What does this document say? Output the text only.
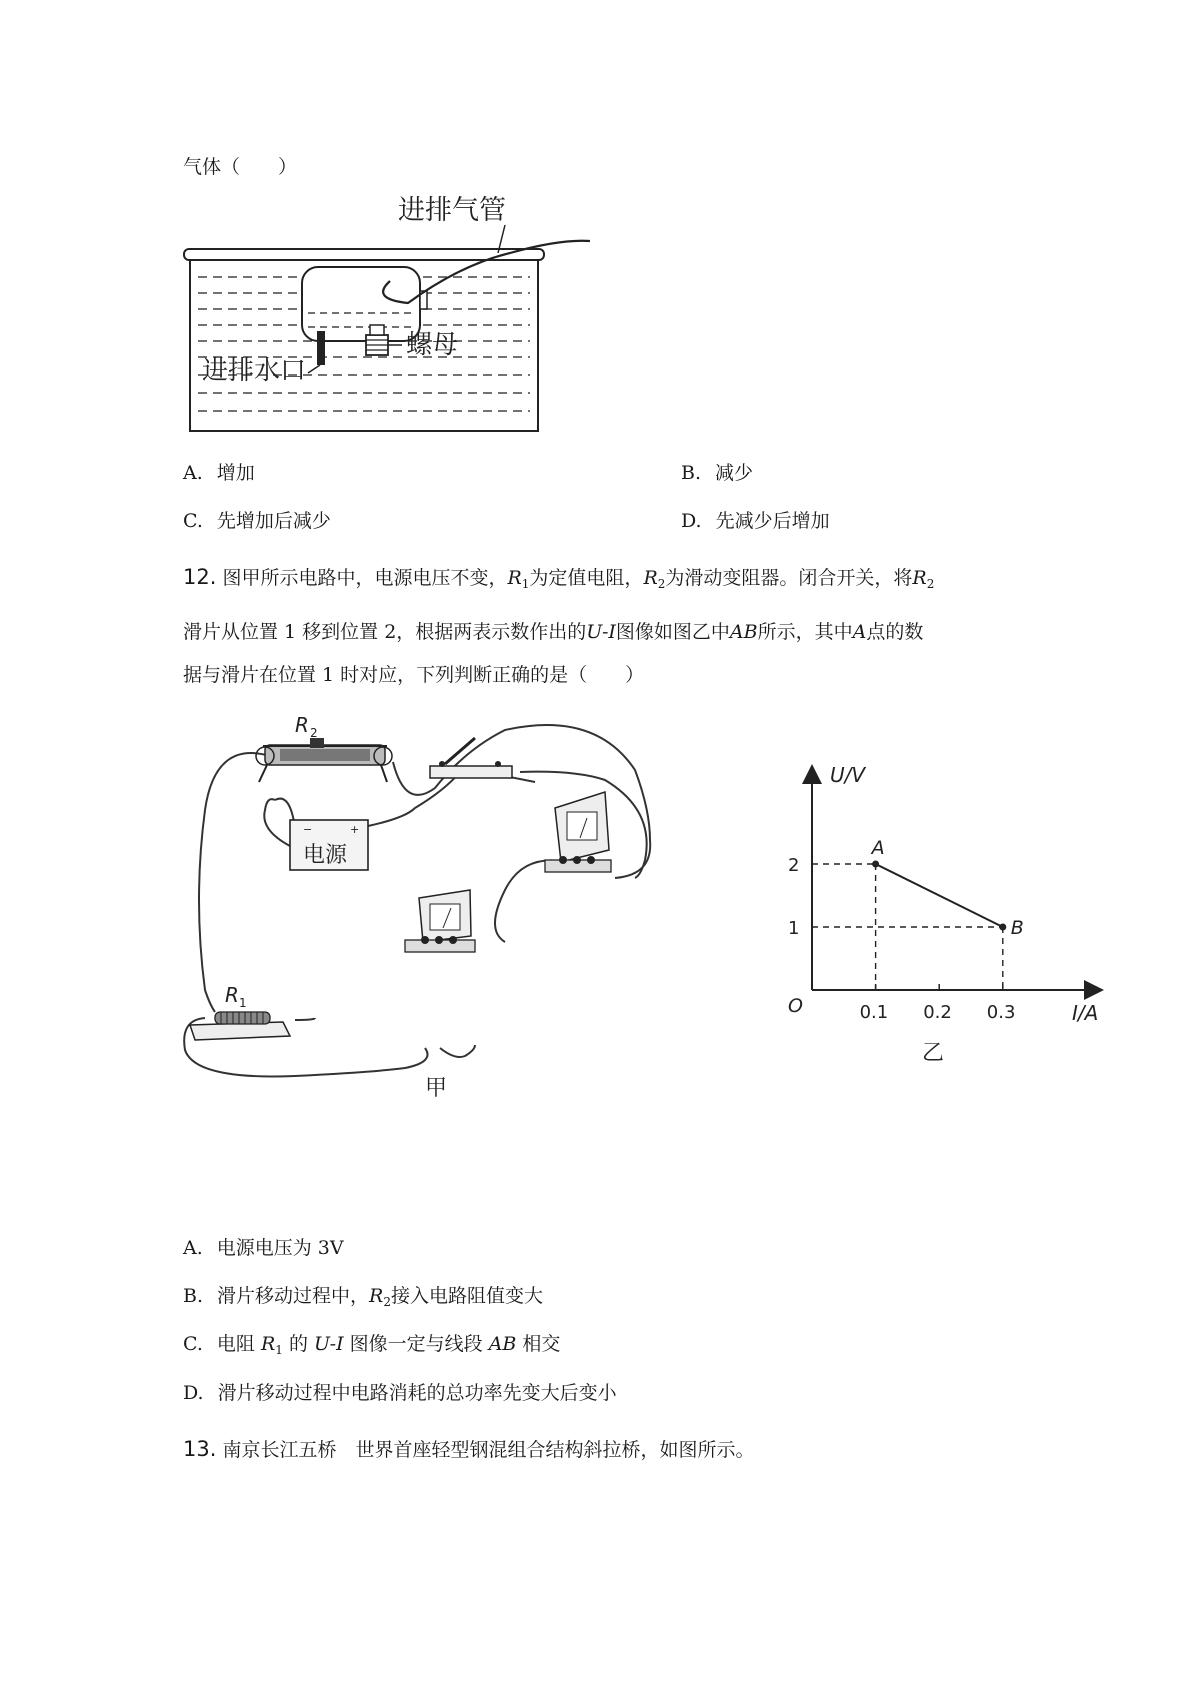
气体（　　）
进排气管
螺母
进排水口
A. 增加	B. 减少
C. 先增加后减少	D. 先减少后增加
12. 图甲所示电路中，电源电压不变，$R_1$为定值电阻，$R_2$为滑动变阻器。闭合开关，将$R_2$
滑片从位置 1 移到位置 2，根据两表示数作出的U-I图像如图乙中AB所示，其中A点的数
据与滑片在位置 1 时对应，下列判断正确的是（　　）
R 2
−	+
电源
R 1
甲
0.1 0.2 0.3
1
2
A
B
U/V
I/A
O
乙
A. 电源电压为 3V
B. 滑片移动过程中，$R_2$接入电路阻值变大
C. 电阻 $R_1$ 的 U-I 图像一定与线段 AB 相交
D. 滑片移动过程中电路消耗的总功率先变大后变小
13. 南京长江五桥　世界首座轻型钢混组合结构斜拉桥，如图所示。
